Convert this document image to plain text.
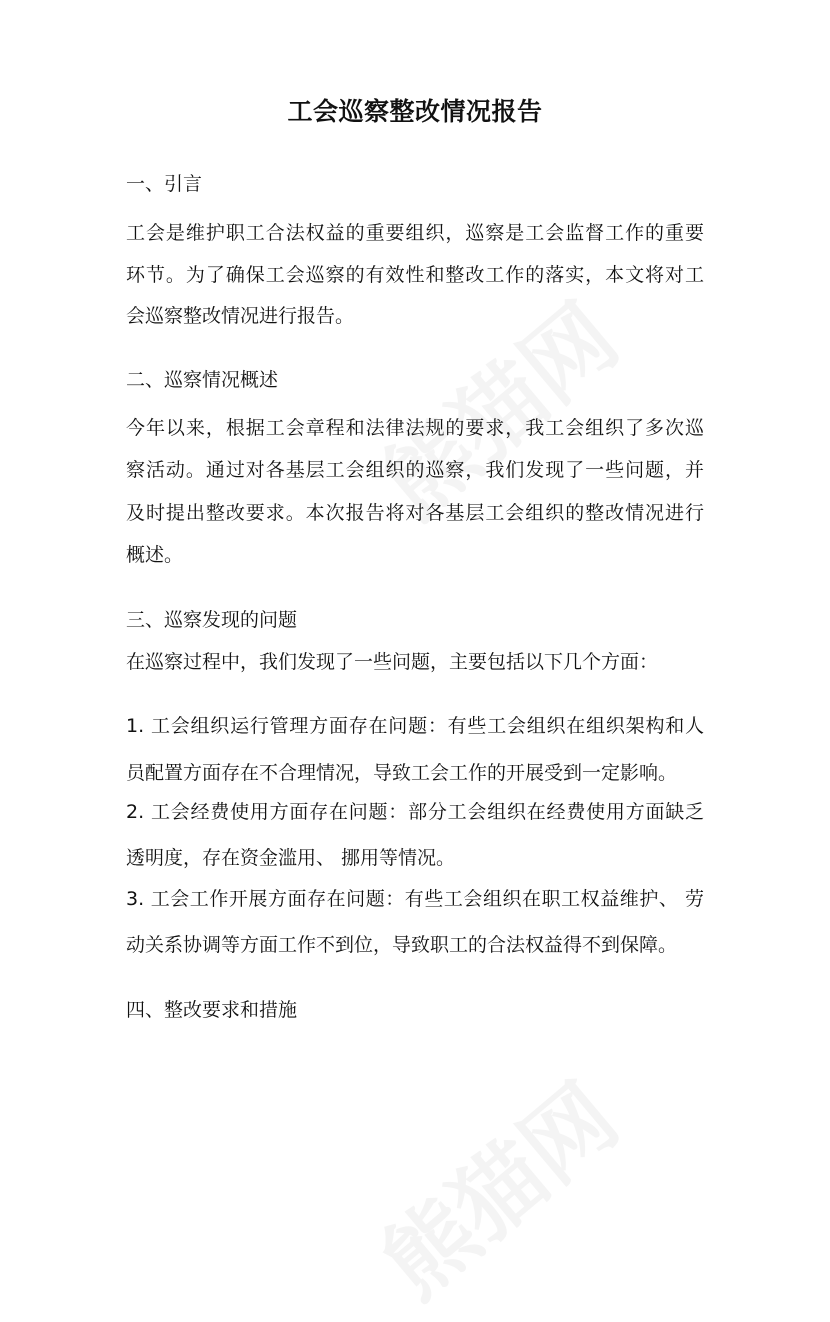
工会巡察整改情况报告
一、引言
工会是维护职工合法权益的重要组织，巡察是工会监督工作的重要
环节。为了确保工会巡察的有效性和整改工作的落实，本文将对工
会巡察整改情况进行报告。
二、巡察情况概述
今年以来，根据工会章程和法律法规的要求，我工会组织了多次巡
察活动。通过对各基层工会组织的巡察，我们发现了一些问题，并
及时提出整改要求。本次报告将对各基层工会组织的整改情况进行
概述。
三、巡察发现的问题
在巡察过程中，我们发现了一些问题，主要包括以下几个方面：
1. 工会组织运行管理方面存在问题：有些工会组织在组织架构和人
员配置方面存在不合理情况，导致工会工作的开展受到一定影响。
2. 工会经费使用方面存在问题：部分工会组织在经费使用方面缺乏
透明度，存在资金滥用、 挪用等情况。
3. 工会工作开展方面存在问题：有些工会组织在职工权益维护、 劳
动关系协调等方面工作不到位，导致职工的合法权益得不到保障。
四、整改要求和措施
